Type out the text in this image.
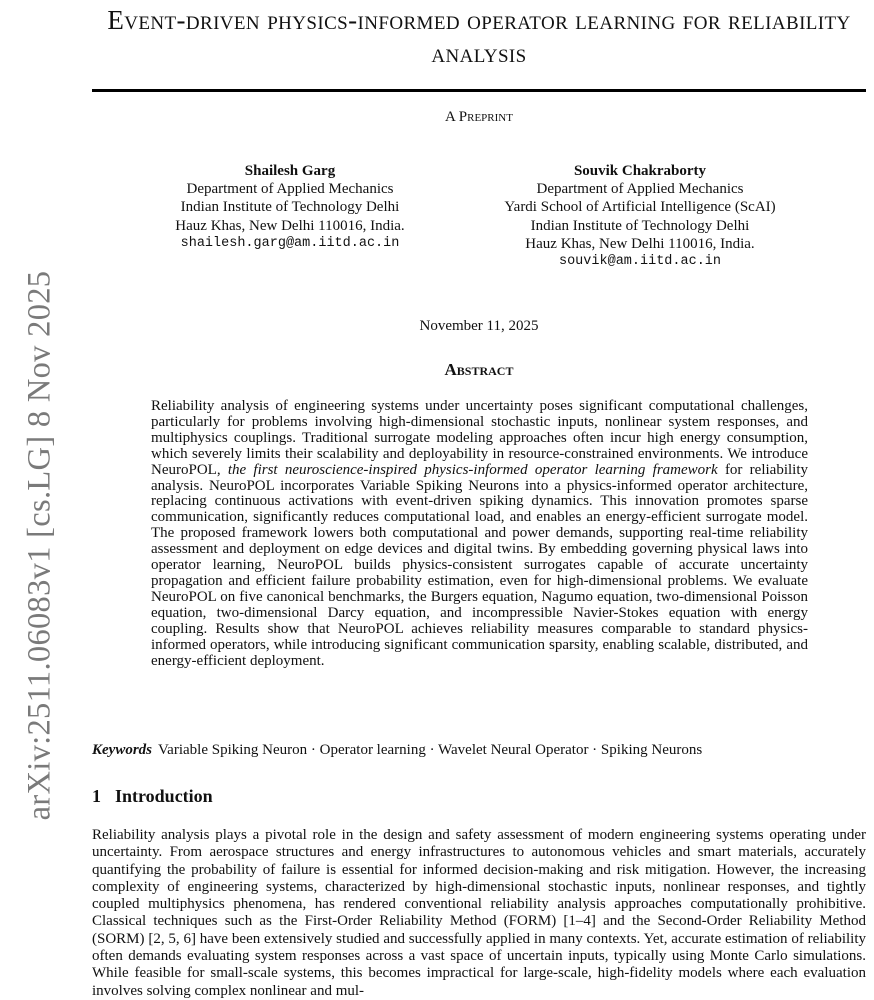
arXiv:2511.06083v1 [cs.LG] 8 Nov 2025
Event-driven physics-informed operator learning for reliability analysis
A Preprint
Shailesh Garg
Department of Applied Mechanics
Indian Institute of Technology Delhi
Hauz Khas, New Delhi 110016, India.
shailesh.garg@am.iitd.ac.in
Souvik Chakraborty
Department of Applied Mechanics
Yardi School of Artificial Intelligence (ScAI)
Indian Institute of Technology Delhi
Hauz Khas, New Delhi 110016, India.
souvik@am.iitd.ac.in
November 11, 2025
Abstract

Reliability analysis of engineering systems under uncertainty poses significant computational challenges, particularly for problems involving high-dimensional stochastic inputs, nonlinear system responses, and multiphysics couplings. Traditional surrogate modeling approaches often incur high energy consumption, which severely limits their scalability and deployability in resource-constrained environments. We introduce NeuroPOL, the first neuroscience-inspired physics-informed operator learning framework for reliability analysis. NeuroPOL incorporates Variable Spiking Neurons into a physics-informed operator architecture, replacing continuous activations with event-driven spiking dynamics. This innovation promotes sparse communication, significantly reduces computational load, and enables an energy-efficient surrogate model. The proposed framework lowers both computational and power demands, supporting real-time reliability assessment and deployment on edge devices and digital twins. By embedding governing physical laws into operator learning, NeuroPOL builds physics-consistent surrogates capable of accurate uncertainty propagation and efficient failure probability estimation, even for high-dimensional problems. We evaluate NeuroPOL on five canonical benchmarks, the Burgers equation, Nagumo equation, two-dimensional Poisson equation, two-dimensional Darcy equation, and incompressible Navier-Stokes equation with energy coupling. Results show that NeuroPOL achieves reliability measures comparable to standard physics-informed operators, while introducing significant communication sparsity, enabling scalable, distributed, and energy-efficient deployment.

Keywords Variable Spiking Neuron · Operator learning · Wavelet Neural Operator · Spiking Neurons
1 Introduction

Reliability analysis plays a pivotal role in the design and safety assessment of modern engineering systems operating under uncertainty. From aerospace structures and energy infrastructures to autonomous vehicles and smart materials, accurately quantifying the probability of failure is essential for informed decision-making and risk mitigation. However, the increasing complexity of engineering systems, characterized by high-dimensional stochastic inputs, nonlinear responses, and tightly coupled multiphysics phenomena, has rendered conventional reliability analysis approaches computationally prohibitive. Classical techniques such as the First-Order Reliability Method (FORM) [1–4] and the Second-Order Reliability Method (SORM) [2, 5, 6] have been extensively studied and successfully applied in many contexts. Yet, accurate estimation of reliability often demands evaluating system responses across a vast space of uncertain inputs, typically using Monte Carlo simulations. While feasible for small-scale systems, this becomes impractical for large-scale, high-fidelity models where each evaluation involves solving complex nonlinear and mul-
